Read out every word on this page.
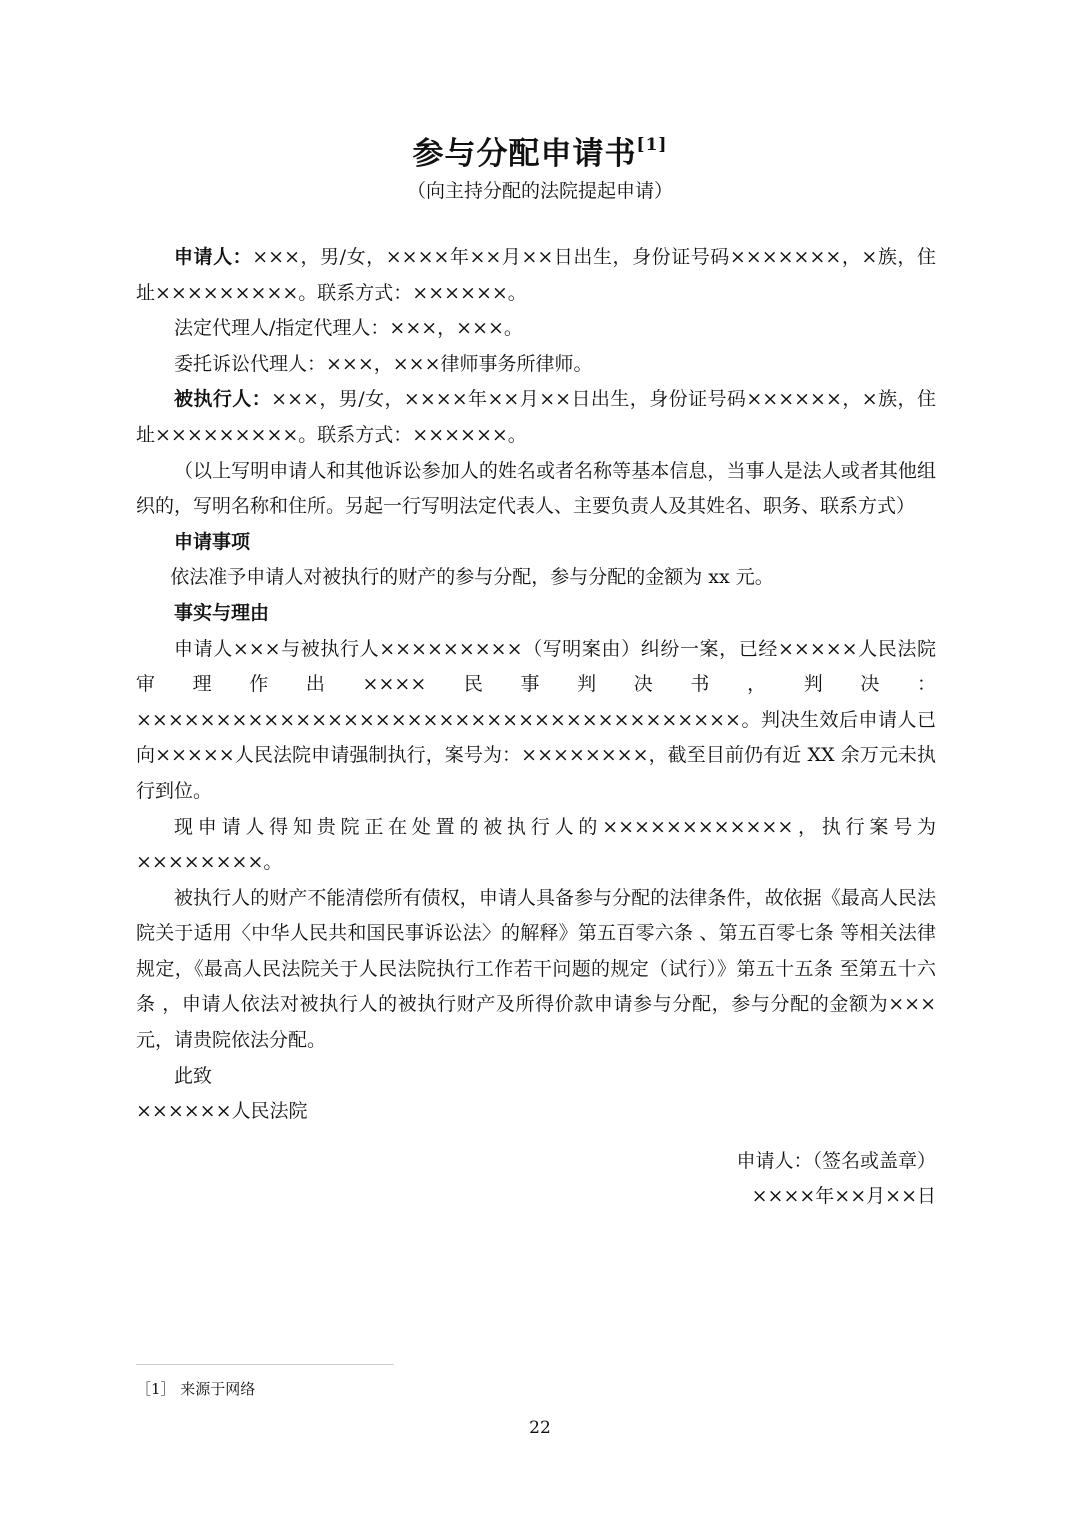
参与分配申请书[1]
（向主持分配的法院提起申请）

申请人：×××，男/女，××××年××月××日出生，身份证号码×××××××，×族，住址×××××××××。联系方式：××××××。

法定代理人/指定代理人：×××，×××。

委托诉讼代理人：×××，×××律师事务所律师。

被执行人：×××，男/女，××××年××月××日出生，身份证号码××××××，×族，住址×××××××××。联系方式：××××××。

（以上写明申请人和其他诉讼参加人的姓名或者名称等基本信息，当事人是法人或者其他组织的，写明名称和住所。另起一行写明法定代表人、主要负责人及其姓名、职务、联系方式）

申请事项

依法准予申请人对被执行的财产的参与分配，参与分配的金额为 xx 元。

事实与理由

申请人×××与被执行人×××××××××（写明案由）纠纷一案，已经×××××人民法院审理作出××××民事判决书，判决：××××××××××××××××××××××××××××××××××××××。判决生效后申请人已向×××××人民法院申请强制执行，案号为：××××××××，截至目前仍有近 XX 余万元未执行到位。

现申请人得知贵院正在处置的被执行人的××××××××××××，执行案号为××××××××。

被执行人的财产不能清偿所有债权，申请人具备参与分配的法律条件，故依据《最高人民法院关于适用〈中华人民共和国民事诉讼法〉的解释》第五百零六条 、第五百零七条 等相关法律规定，《最高人民法院关于人民法院执行工作若干问题的规定（试行）》第五十五条 至第五十六条 ，申请人依法对被执行人的被执行财产及所得价款申请参与分配，参与分配的金额为×××元，请贵院依法分配。

此致

××××××人民法院

申请人：（签名或盖章）

××××年××月××日

［1］ 来源于网络
22
